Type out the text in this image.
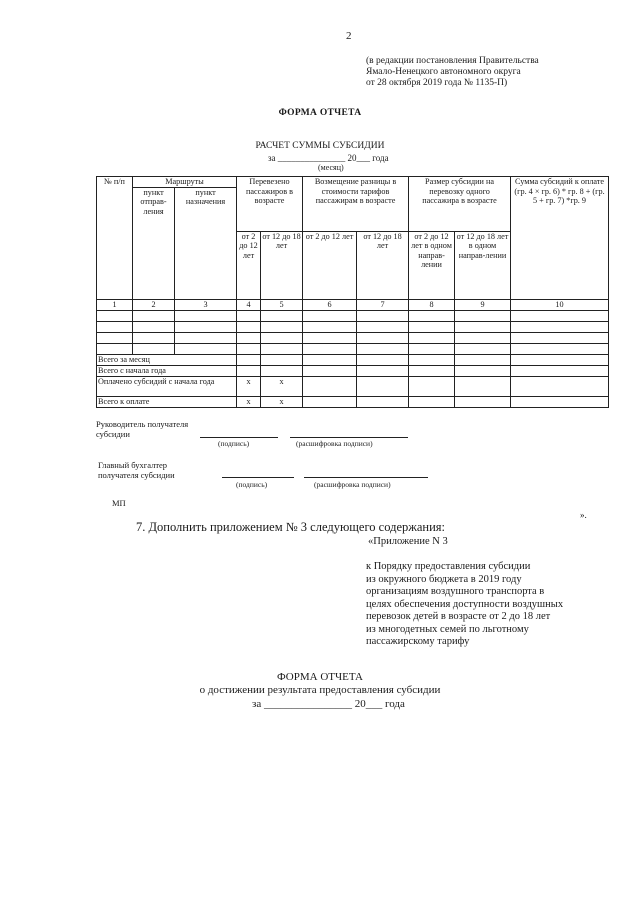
2
(в редакции постановления Правительства
Ямало-Ненецкого автономного округа
от 28 октября 2019 года № 1135-П)
ФОРМА ОТЧЕТА
РАСЧЕТ СУММЫ СУБСИДИИ
за _______________ 20___ года
(месяц)
№ п/п	Маршруты		Перевезено пассажиров в возрасте		Возмещение разницы в стоимости тарифов пассажирам в возрасте		Размер субсидии на перевозку одного пассажира в возрасте		Сумма субсидий к оплате (гр. 4 × гр. 6) * гр. 8 + (гр. 5 + гр. 7) *гр. 9
	пункт отправ-ления	пункт назначения							
			от 2 до 12 лет	от 12 до 18 лет	от 2 до 12 лет	от 12 до 18 лет	от 2 до 12 лет в одном направ-лении	от 12 до 18 лет в одном направ-лении	
1	2	3	4	5	6	7	8	9	10

Всего за месяц									
Всего с начала года									
Оплачено субсидий с начала года			х	х					
Всего к оплате			х	х					
Руководитель получателя
субсидии
(подпись)	(расшифровка подписи)
Главный бухгалтер
получателя субсидии
(подпись)	(расшифровка подписи)
МП
».
7. Дополнить приложением № 3 следующего содержания:
«Приложение N 3
к Порядку предоставления субсидии
из окружного бюджета в 2019 году
организациям воздушного транспорта в
целях обеспечения доступности воздушных
перевозок детей в возрасте от 2 до 18 лет
из многодетных семей по льготному
пассажирскому тарифу
ФОРМА ОТЧЕТА
о достижении результата предоставления субсидии
за ________________ 20___ года
